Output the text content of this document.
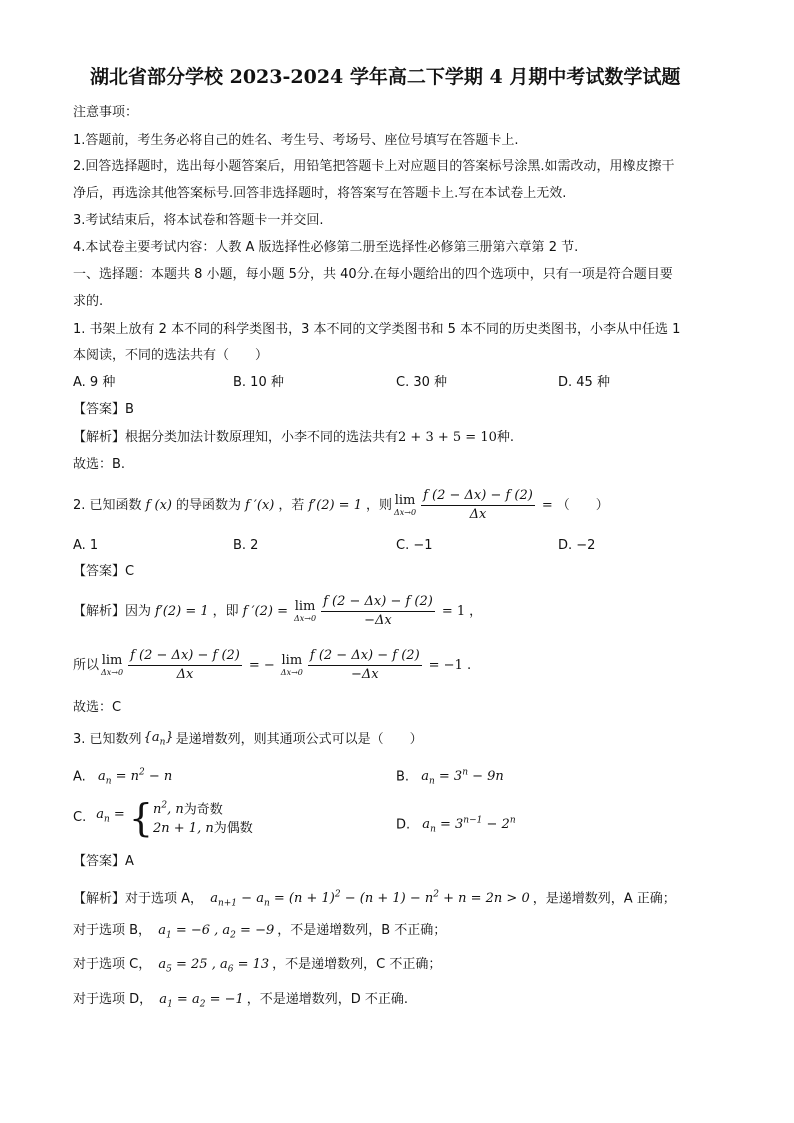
湖北省部分学校 2023-2024 学年高二下学期 4 月期中考试数学试题
注意事项：
1.答题前，考生务必将自己的姓名、考生号、考场号、座位号填写在答题卡上.
2.回答选择题时，选出每小题答案后，用铅笔把答题卡上对应题目的答案标号涂黑.如需改动，用橡皮擦干
净后，再选涂其他答案标号.回答非选择题时，将答案写在答题卡上.写在本试卷上无效.
3.考试结束后，将本试卷和答题卡一并交回.
4.本试卷主要考试内容：人教 A 版选择性必修第二册至选择性必修第三册第六章第 2 节.
一、选择题：本题共 8 小题，每小题 5分，共 40分.在每小题给出的四个选项中，只有一项是符合题目要
求的.
1. 书架上放有 2 本不同的科学类图书，3 本不同的文学类图书和 5 本不同的历史类图书，小李从中任选 1
本阅读，不同的选法共有（　　）
A. 9 种	B. 10 种	C. 30 种	D. 45 种
【答案】B
【解析】根据分类加法计数原理知，小李不同的选法共有2 + 3 + 5 = 10种.
故选：B.
2. 已知函数 f (x) 的导函数为 f ′(x) ，若 f′(2) = 1 ，则 lim
$\Delta x\to 0 \frac{f (2 - \Delta x) - f (2)}{\Delta x}$ = （　　）
A. 1	B. 2	C. −1	D. −2
【答案】C
【解析】 因为 f′(2) = 1 ，即 f ′(2) = lim
$\Delta x\to 0 \frac{f (2 - \Delta x) - f (2)}{-\Delta x} = 1$ ，
所以 lim
$\Delta x\to 0 \frac{f (2 - \Delta x) - f (2)}{\Delta x}$ = − lim
$\Delta x\to 0 \frac{f (2 - \Delta x) - f (2)}{-\Delta x} = -1$ .
故选：C
3. 已知数列 $\{a_n\}$ 是递增数列，则其通项公式可以是（　　）
A. $a_n = n^2 - n$	B. $a_n = 3^n - 9n$
C. $a_n$ = { $n^2$, n为奇数
2n + 1, n为偶数	D. $a_n = 3^{n-1} - 2^n$
【答案】A
【解析】对于选项 A， $a_{n+1} - a_n = (n + 1)^2 - (n + 1) - n^2 + n = 2n > 0$ ，是递增数列，A 正确；
对于选项 B， $a_1 = -6$ , $a_2 = -9$ ，不是递增数列，B 不正确；
对于选项 C， $a_5 = 25$ , $a_6 = 13$ ，不是递增数列，C 不正确；
对于选项 D， $a_1 = a_2 = -1$ ，不是递增数列，D 不正确.
